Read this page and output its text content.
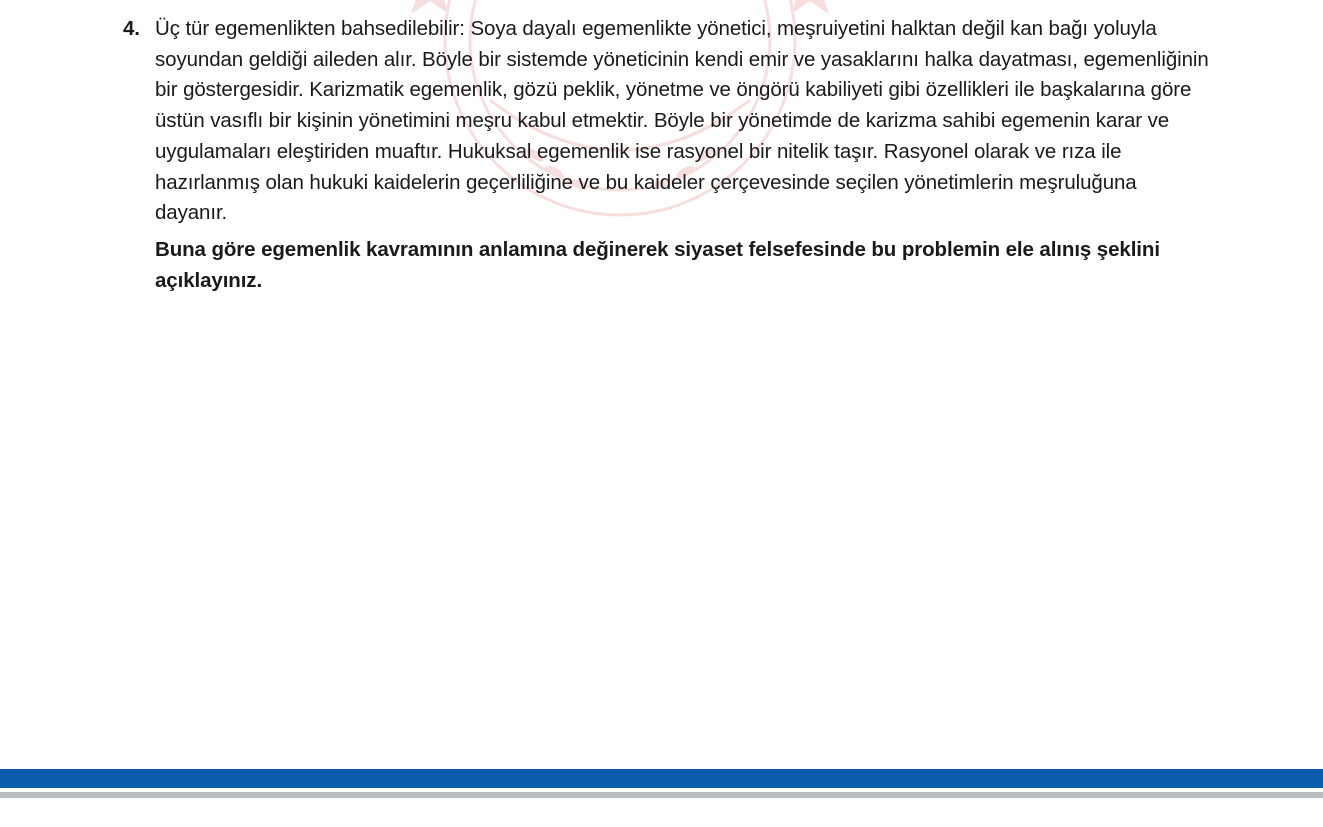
4. Üç tür egemenlikten bahsedilebilir: Soya dayalı egemenlikte yönetici, meşruiyetini halktan değil kan bağı yoluyla soyundan geldiği aileden alır. Böyle bir sistemde yöneticinin kendi emir ve yasaklarını halka dayatması, egemenliğinin bir göstergesidir. Karizmatik egemenlik, gözü peklik, yönetme ve öngörü kabiliyeti gibi özellikleri ile başkalarına göre üstün vasıflı bir kişinin yönetimini meşru kabul etmektir. Böyle bir yönetimde de karizma sahibi egemenin karar ve uygulamaları eleştiriden muaftır. Hukuksal egemenlik ise rasyonel bir nitelik taşır. Rasyonel olarak ve rıza ile hazırlanmış olan hukuki kaidelerin geçerliliğine ve bu kaideler çerçevesinde seçilen yönetimlerin meşruluğuna dayanır.

Buna göre egemenlik kavramının anlamına değinerek siyaset felsefesinde bu problemin ele alınış şeklini açıklayınız.
